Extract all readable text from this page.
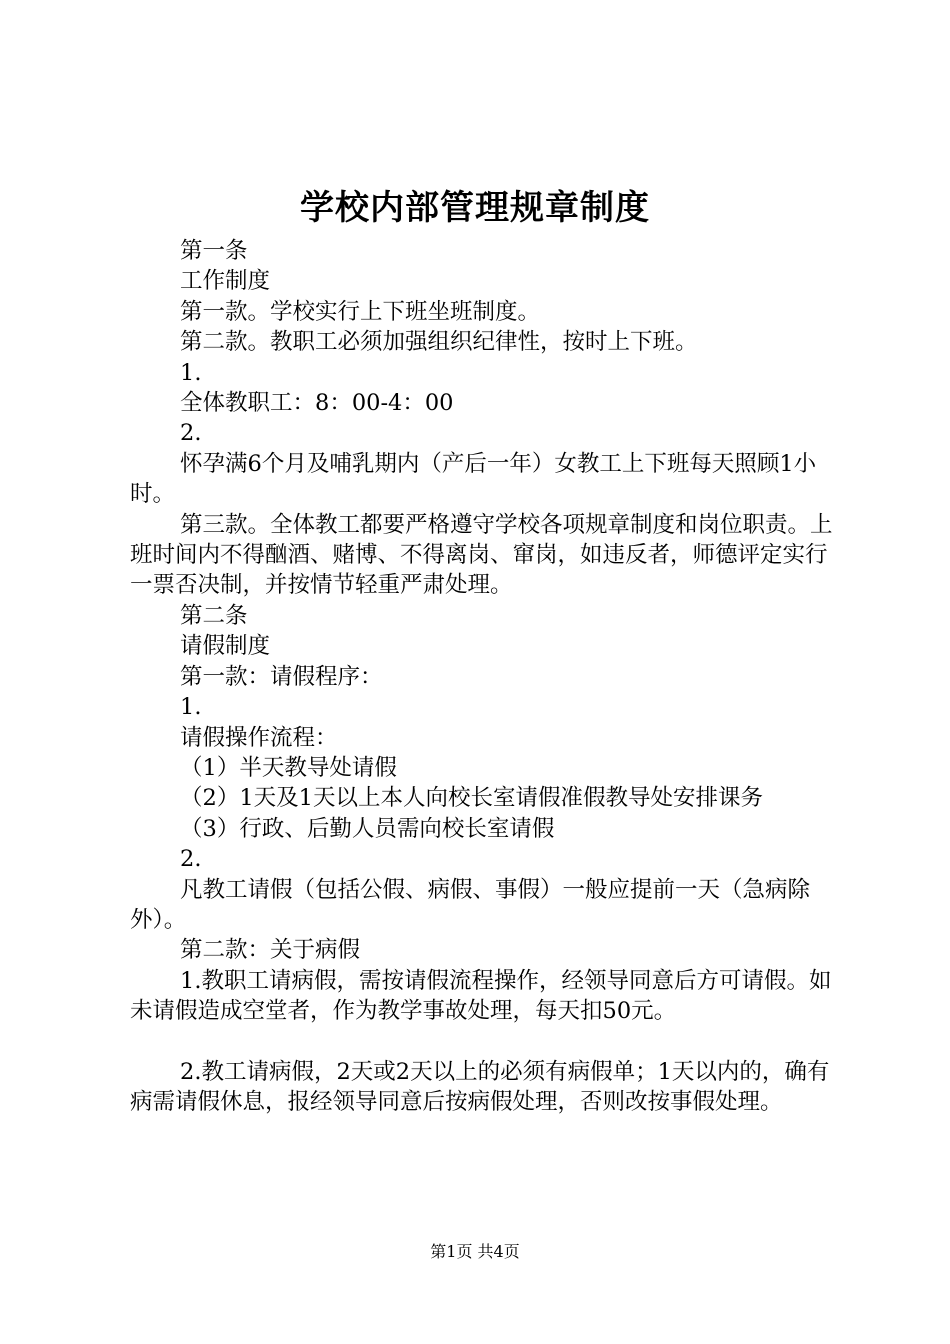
学校内部管理规章制度

第一条

工作制度

第一款。学校实行上下班坐班制度。

第二款。教职工必须加强组织纪律性，按时上下班。

1.

全体教职工：8：00-4：00

2.

怀孕满6个月及哺乳期内（产后一年）女教工上下班每天照顾1小时。

第三款。全体教工都要严格遵守学校各项规章制度和岗位职责。上班时间内不得酗酒、赌博、不得离岗、窜岗，如违反者，师德评定实行一票否决制，并按情节轻重严肃处理。

第二条

请假制度

第一款：请假程序：

1.

请假操作流程：

（1）半天教导处请假

（2）1天及1天以上本人向校长室请假准假教导处安排课务

（3）行政、后勤人员需向校长室请假

2.

凡教工请假（包括公假、病假、事假）一般应提前一天（急病除外）。

第二款：关于病假

1.教职工请病假，需按请假流程操作，经领导同意后方可请假。如未请假造成空堂者，作为教学事故处理，每天扣50元。

2.教工请病假，2天或2天以上的必须有病假单；1天以内的，确有病需请假休息，报经领导同意后按病假处理，否则改按事假处理。

第1页 共4页
